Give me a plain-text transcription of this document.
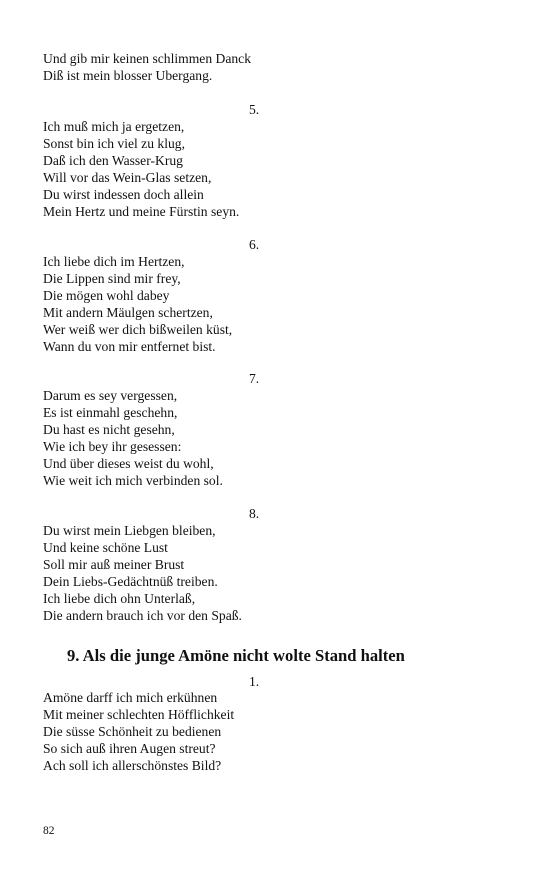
Und gib mir keinen schlimmen Danck
Diß ist mein blosser Ubergang.
5.
Ich muß mich ja ergetzen,
Sonst bin ich viel zu klug,
Daß ich den Wasser-Krug
Will vor das Wein-Glas setzen,
Du wirst indessen doch allein
Mein Hertz und meine Fürstin seyn.
6.
Ich liebe dich im Hertzen,
Die Lippen sind mir frey,
Die mögen wohl dabey
Mit andern Mäulgen schertzen,
Wer weiß wer dich bißweilen küst,
Wann du von mir entfernet bist.
7.
Darum es sey vergessen,
Es ist einmahl geschehn,
Du hast es nicht gesehn,
Wie ich bey ihr gesessen:
Und über dieses weist du wohl,
Wie weit ich mich verbinden sol.
8.
Du wirst mein Liebgen bleiben,
Und keine schöne Lust
Soll mir auß meiner Brust
Dein Liebs-Gedächtnüß treiben.
Ich liebe dich ohn Unterlaß,
Die andern brauch ich vor den Spaß.
9. Als die junge Amöne nicht wolte Stand halten
1.
Amöne darff ich mich erkühnen
Mit meiner schlechten Höfflichkeit
Die süsse Schönheit zu bedienen
So sich auß ihren Augen streut?
Ach soll ich allerschönstes Bild?
82
